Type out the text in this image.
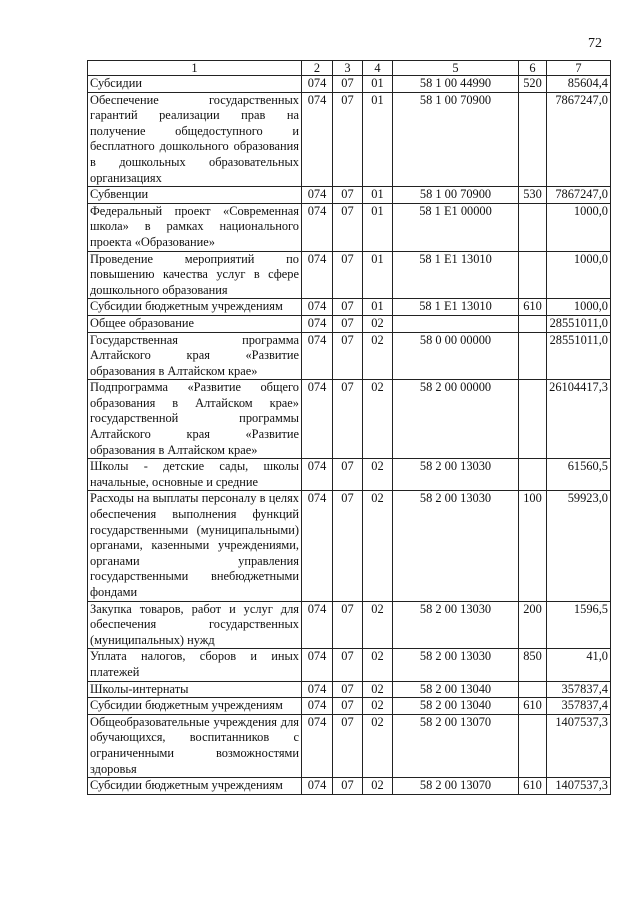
72
1	2	3	4	5	6	7
Субсидии	074	07	01	58 1 00 44990	520	85604,4
Обеспечение государственных гарантий реализации прав на получение общедоступного и бесплатного дошкольного образования в дошкольных образовательных организациях	074	07	01	58 1 00 70900		7867247,0
Субвенции	074	07	01	58 1 00 70900	530	7867247,0
Федеральный проект «Современная школа» в рамках национального проекта «Образование»	074	07	01	58 1 E1 00000		1000,0
Проведение мероприятий по повышению качества услуг в сфере дошкольного образования	074	07	01	58 1 E1 13010		1000,0
Субсидии бюджетным учреждениям	074	07	01	58 1 E1 13010	610	1000,0
Общее образование	074	07	02			28551011,0
Государственная программа Алтайского края «Развитие образования в Алтайском крае»	074	07	02	58 0 00 00000		28551011,0
Подпрограмма «Развитие общего образования в Алтайском крае» государственной программы Алтайского края «Развитие образования в Алтайском крае»	074	07	02	58 2 00 00000		26104417,3
Школы - детские сады, школы начальные, основные и средние	074	07	02	58 2 00 13030		61560,5
Расходы на выплаты персоналу в целях обеспечения выполнения функций государственными (муниципальными) органами, казенными учреждениями, органами управления государственными внебюджетными фондами	074	07	02	58 2 00 13030	100	59923,0
Закупка товаров, работ и услуг для обеспечения государственных (муниципальных) нужд	074	07	02	58 2 00 13030	200	1596,5
Уплата налогов, сборов и иных платежей	074	07	02	58 2 00 13030	850	41,0
Школы-интернаты	074	07	02	58 2 00 13040		357837,4
Субсидии бюджетным учреждениям	074	07	02	58 2 00 13040	610	357837,4
Общеобразовательные учреждения для обучающихся, воспитанников с ограниченными возможностями здоровья	074	07	02	58 2 00 13070		1407537,3
Субсидии бюджетным учреждениям	074	07	02	58 2 00 13070	610	1407537,3
